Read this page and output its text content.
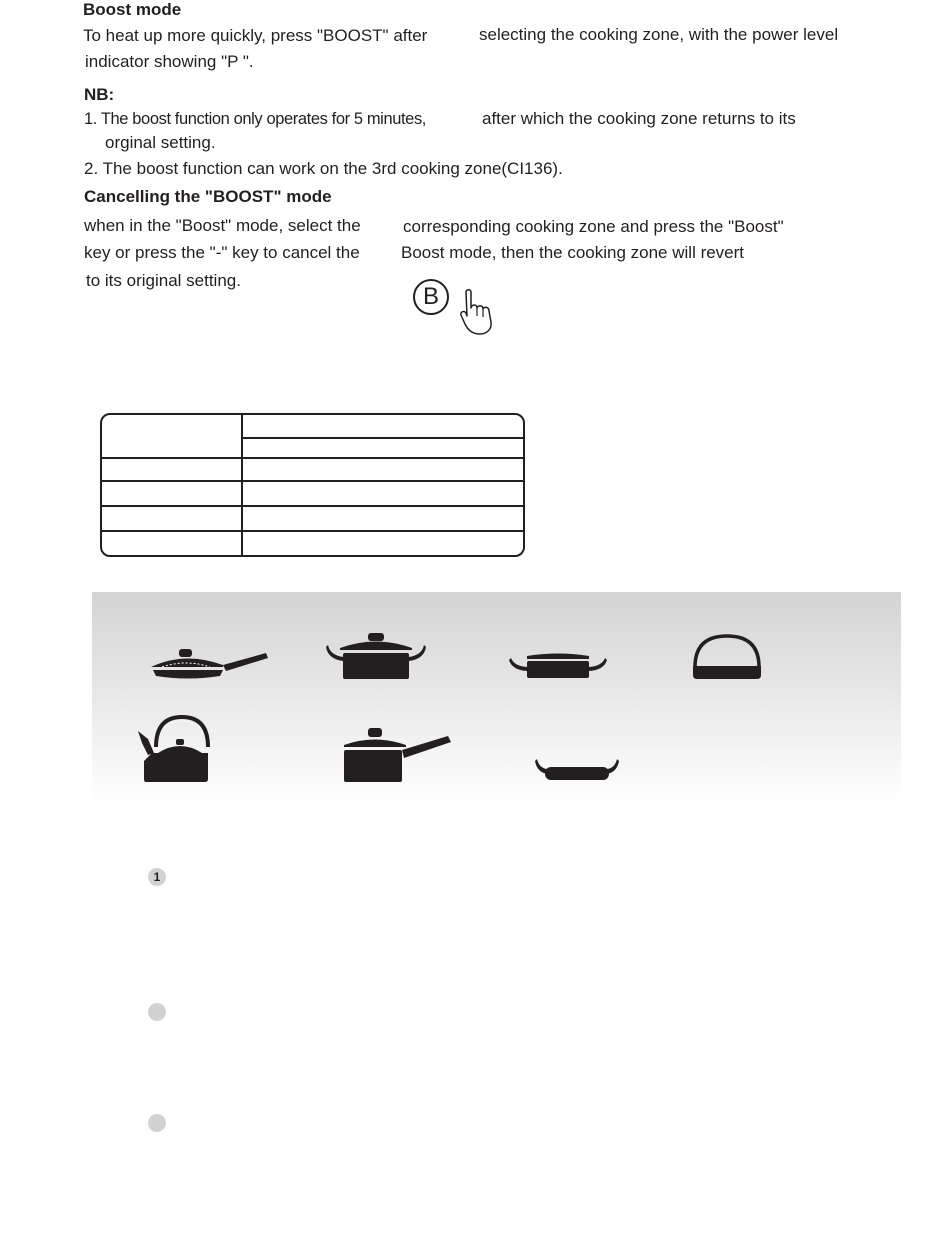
Boost mode
To heat up more quickly, press "BOOST" after	selecting the cooking zone, with the power level
indicator showing "P ".
NB:
1. The boost function only operates for 5 minutes,	after which the cooking zone returns to its
orginal setting.
2. The boost function can work on the 3rd cooking zone(CI136).
Cancelling the "BOOST" mode
when in the "Boost" mode, select the corresponding cooking zone and press the "Boost"
key or press the "-" key to cancel the Boost mode, then the cooking zone will revert
to its original setting.
B
1
